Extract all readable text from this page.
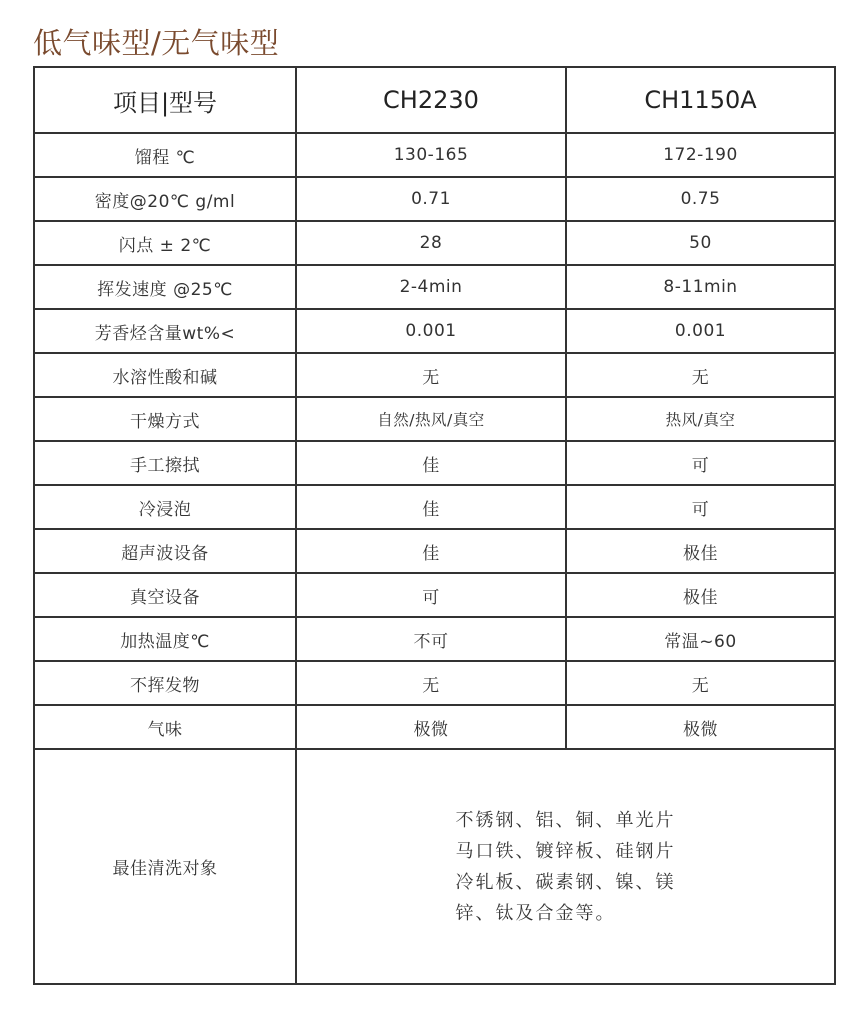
低气味型/无气味型
项目|型号	CH2230	CH1150A
馏程 ℃	130-165	172-190
密度@20℃ g/ml	0.71	0.75
闪点 ± 2℃	28	50
挥发速度 @25℃	2-4min	8-11min
芳香烃含量wt%<	0.001	0.001
水溶性酸和碱	无	无
干燥方式	自然/热风/真空	热风/真空
手工擦拭	佳	可
冷浸泡	佳	可
超声波设备	佳	极佳
真空设备	可	极佳
加热温度℃	不可	常温~60
不挥发物	无	无
气味	极微	极微
最佳清洗对象	不锈钢、铝、铜、单光片
马口铁、镀锌板、硅钢片
冷轧板、碳素钢、镍、镁
锌、钛及合金等。	
